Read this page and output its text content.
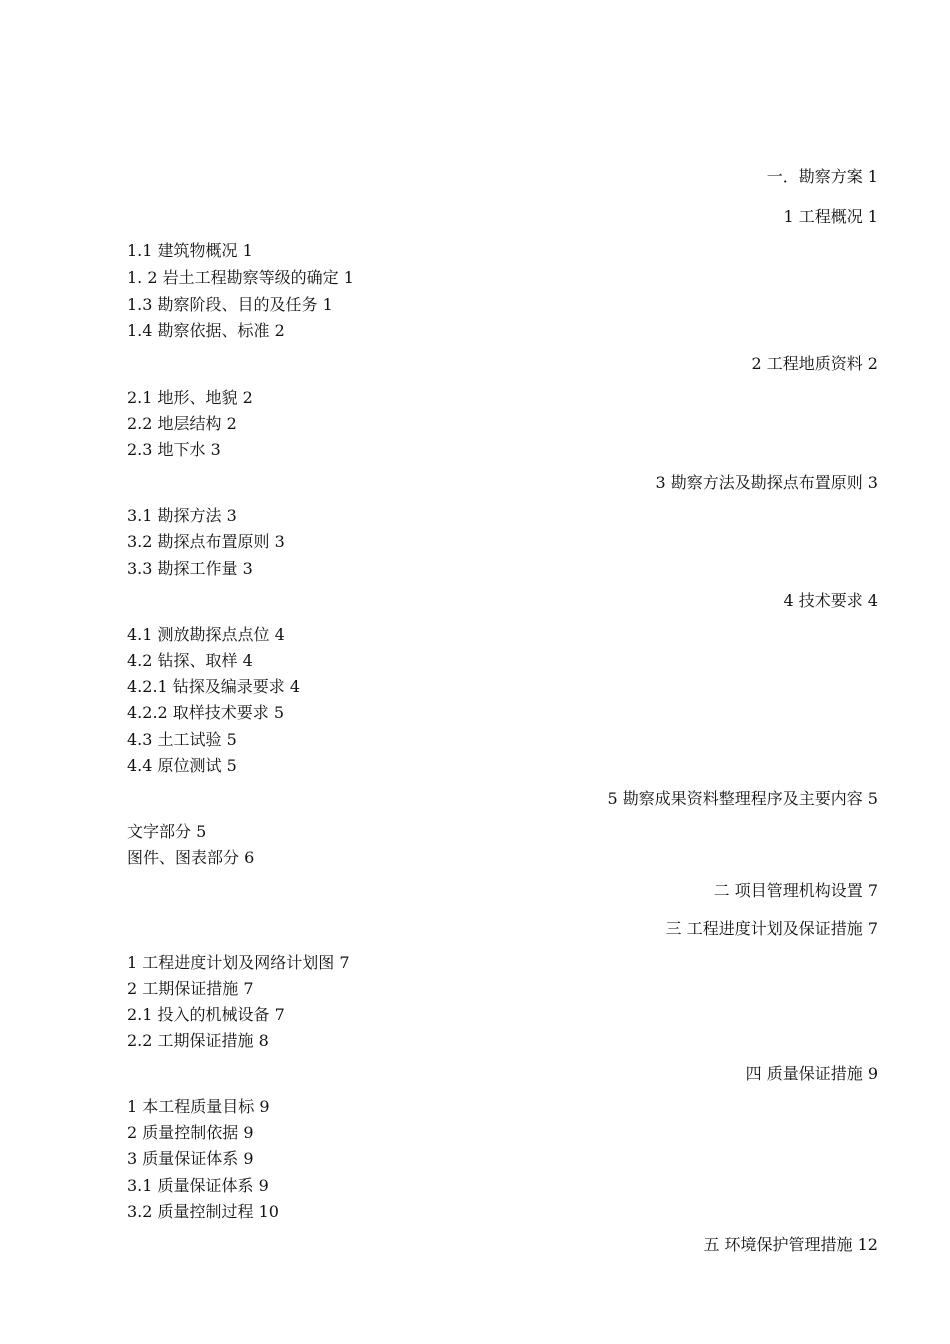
一．勘察方案 1
1 工程概况 1
1.1 建筑物概况 1
1. 2 岩土工程勘察等级的确定 1
1.3 勘察阶段、目的及任务 1
1.4 勘察依据、标准 2
2 工程地质资料 2
2.1 地形、地貌 2
2.2 地层结构 2
2.3 地下水 3
3 勘察方法及勘探点布置原则 3
3.1 勘探方法 3
3.2 勘探点布置原则 3
3.3 勘探工作量 3
4 技术要求 4
4.1 测放勘探点点位 4
4.2 钻探、取样 4
4.2.1 钻探及编录要求 4
4.2.2 取样技术要求 5
4.3 土工试验 5
4.4 原位测试 5
5 勘察成果资料整理程序及主要内容 5
文字部分 5
图件、图表部分 6
二 项目管理机构设置 7
三 工程进度计划及保证措施 7
1 工程进度计划及网络计划图 7
2 工期保证措施 7
2.1 投入的机械设备 7
2.2 工期保证措施 8
四 质量保证措施 9
1 本工程质量目标 9
2 质量控制依据 9
3 质量保证体系 9
3.1 质量保证体系 9
3.2 质量控制过程 10
五 环境保护管理措施 12
